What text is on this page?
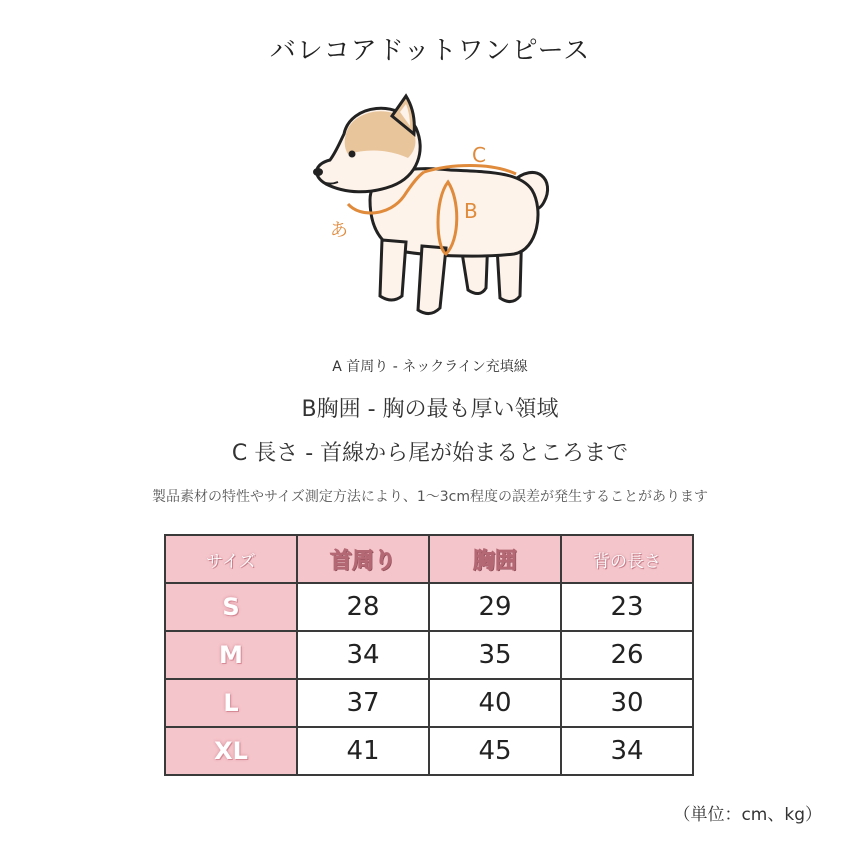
バレコアドットワンピース
あ
B
C
A 首周り - ネックライン充填線
B胸囲 - 胸の最も厚い領域
C 長さ - 首線から尾が始まるところまで
製品素材の特性やサイズ測定方法により、1～3cm程度の誤差が発生することがあります
サイズ	首周り	胸囲	背の長さ
S	28	29	23
M	34	35	26
L	37	40	30
XL	41	45	34
（単位：cm、kg）
